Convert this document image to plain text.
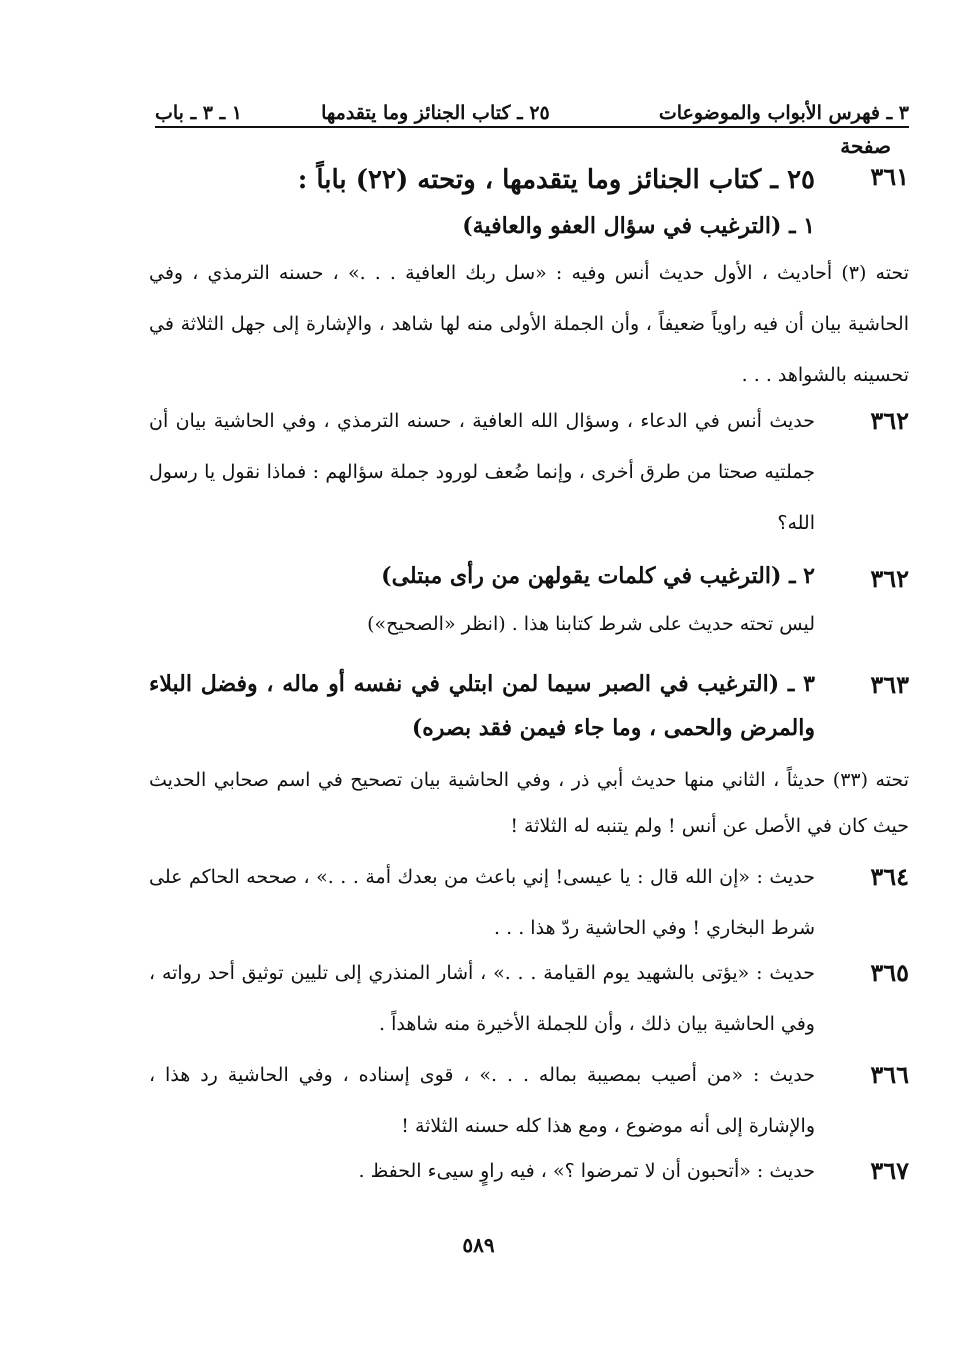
٣ ـ فهرس الأبواب والموضوعات
٢٥ ـ كتاب الجنائز وما يتقدمها
١ ـ ٣ ـ باب
صفحة
٣٦١
٢٥ ـ كتاب الجنائز وما يتقدمها ، وتحته (٢٢) باباً :
١ ـ (الترغيب في سؤال العفو والعافية)
تحته (٣) أحاديث ، الأول حديث أنس وفيه : «سل ربك العافية . . .» ، حسنه الترمذي ، وفي الحاشية بيان أن فيه راوياً ضعيفاً ، وأن الجملة الأولى منه لها شاهد ، والإشارة إلى جهل الثلاثة في تحسينه بالشواهد . . .
٣٦٢
حديث أنس في الدعاء ، وسؤال الله العافية ، حسنه الترمذي ، وفي الحاشية بيان أن جملتيه صحتا من طرق أخرى ، وإنما ضُعف لورود جملة سؤالهم : فماذا نقول يا رسول الله؟
٣٦٢
٢ ـ (الترغيب في كلمات يقولهن من رأى مبتلى)
ليس تحته حديث على شرط كتابنا هذا . (انظر «الصحيح»)
٣٦٣
٣ ـ (الترغيب في الصبر سيما لمن ابتلي في نفسه أو ماله ، وفضل البلاء والمرض والحمى ، وما جاء فيمن فقد بصره)
تحته (٣٣) حديثاً ، الثاني منها حديث أبي ذر ، وفي الحاشية بيان تصحيح في اسم صحابي الحديث حيث كان في الأصل عن أنس ! ولم يتنبه له الثلاثة !
٣٦٤
حديث : «إن الله قال : يا عيسى! إني باعث من بعدك أمة . . .» ، صححه الحاكم على شرط البخاري ! وفي الحاشية ردّ هذا . . .
٣٦٥
حديث : «يؤتى بالشهيد يوم القيامة . . .» ، أشار المنذري إلى تليين توثيق أحد رواته ، وفي الحاشية بيان ذلك ، وأن للجملة الأخيرة منه شاهداً .
٣٦٦
حديث : «من أصيب بمصيبة بماله . . .» ، قوى إسناده ، وفي الحاشية رد هذا ، والإشارة إلى أنه موضوع ، ومع هذا كله حسنه الثلاثة !
٣٦٧
حديث : «أتحبون أن لا تمرضوا ؟» ، فيه راوٍ سيىء الحفظ .
٥٨٩
